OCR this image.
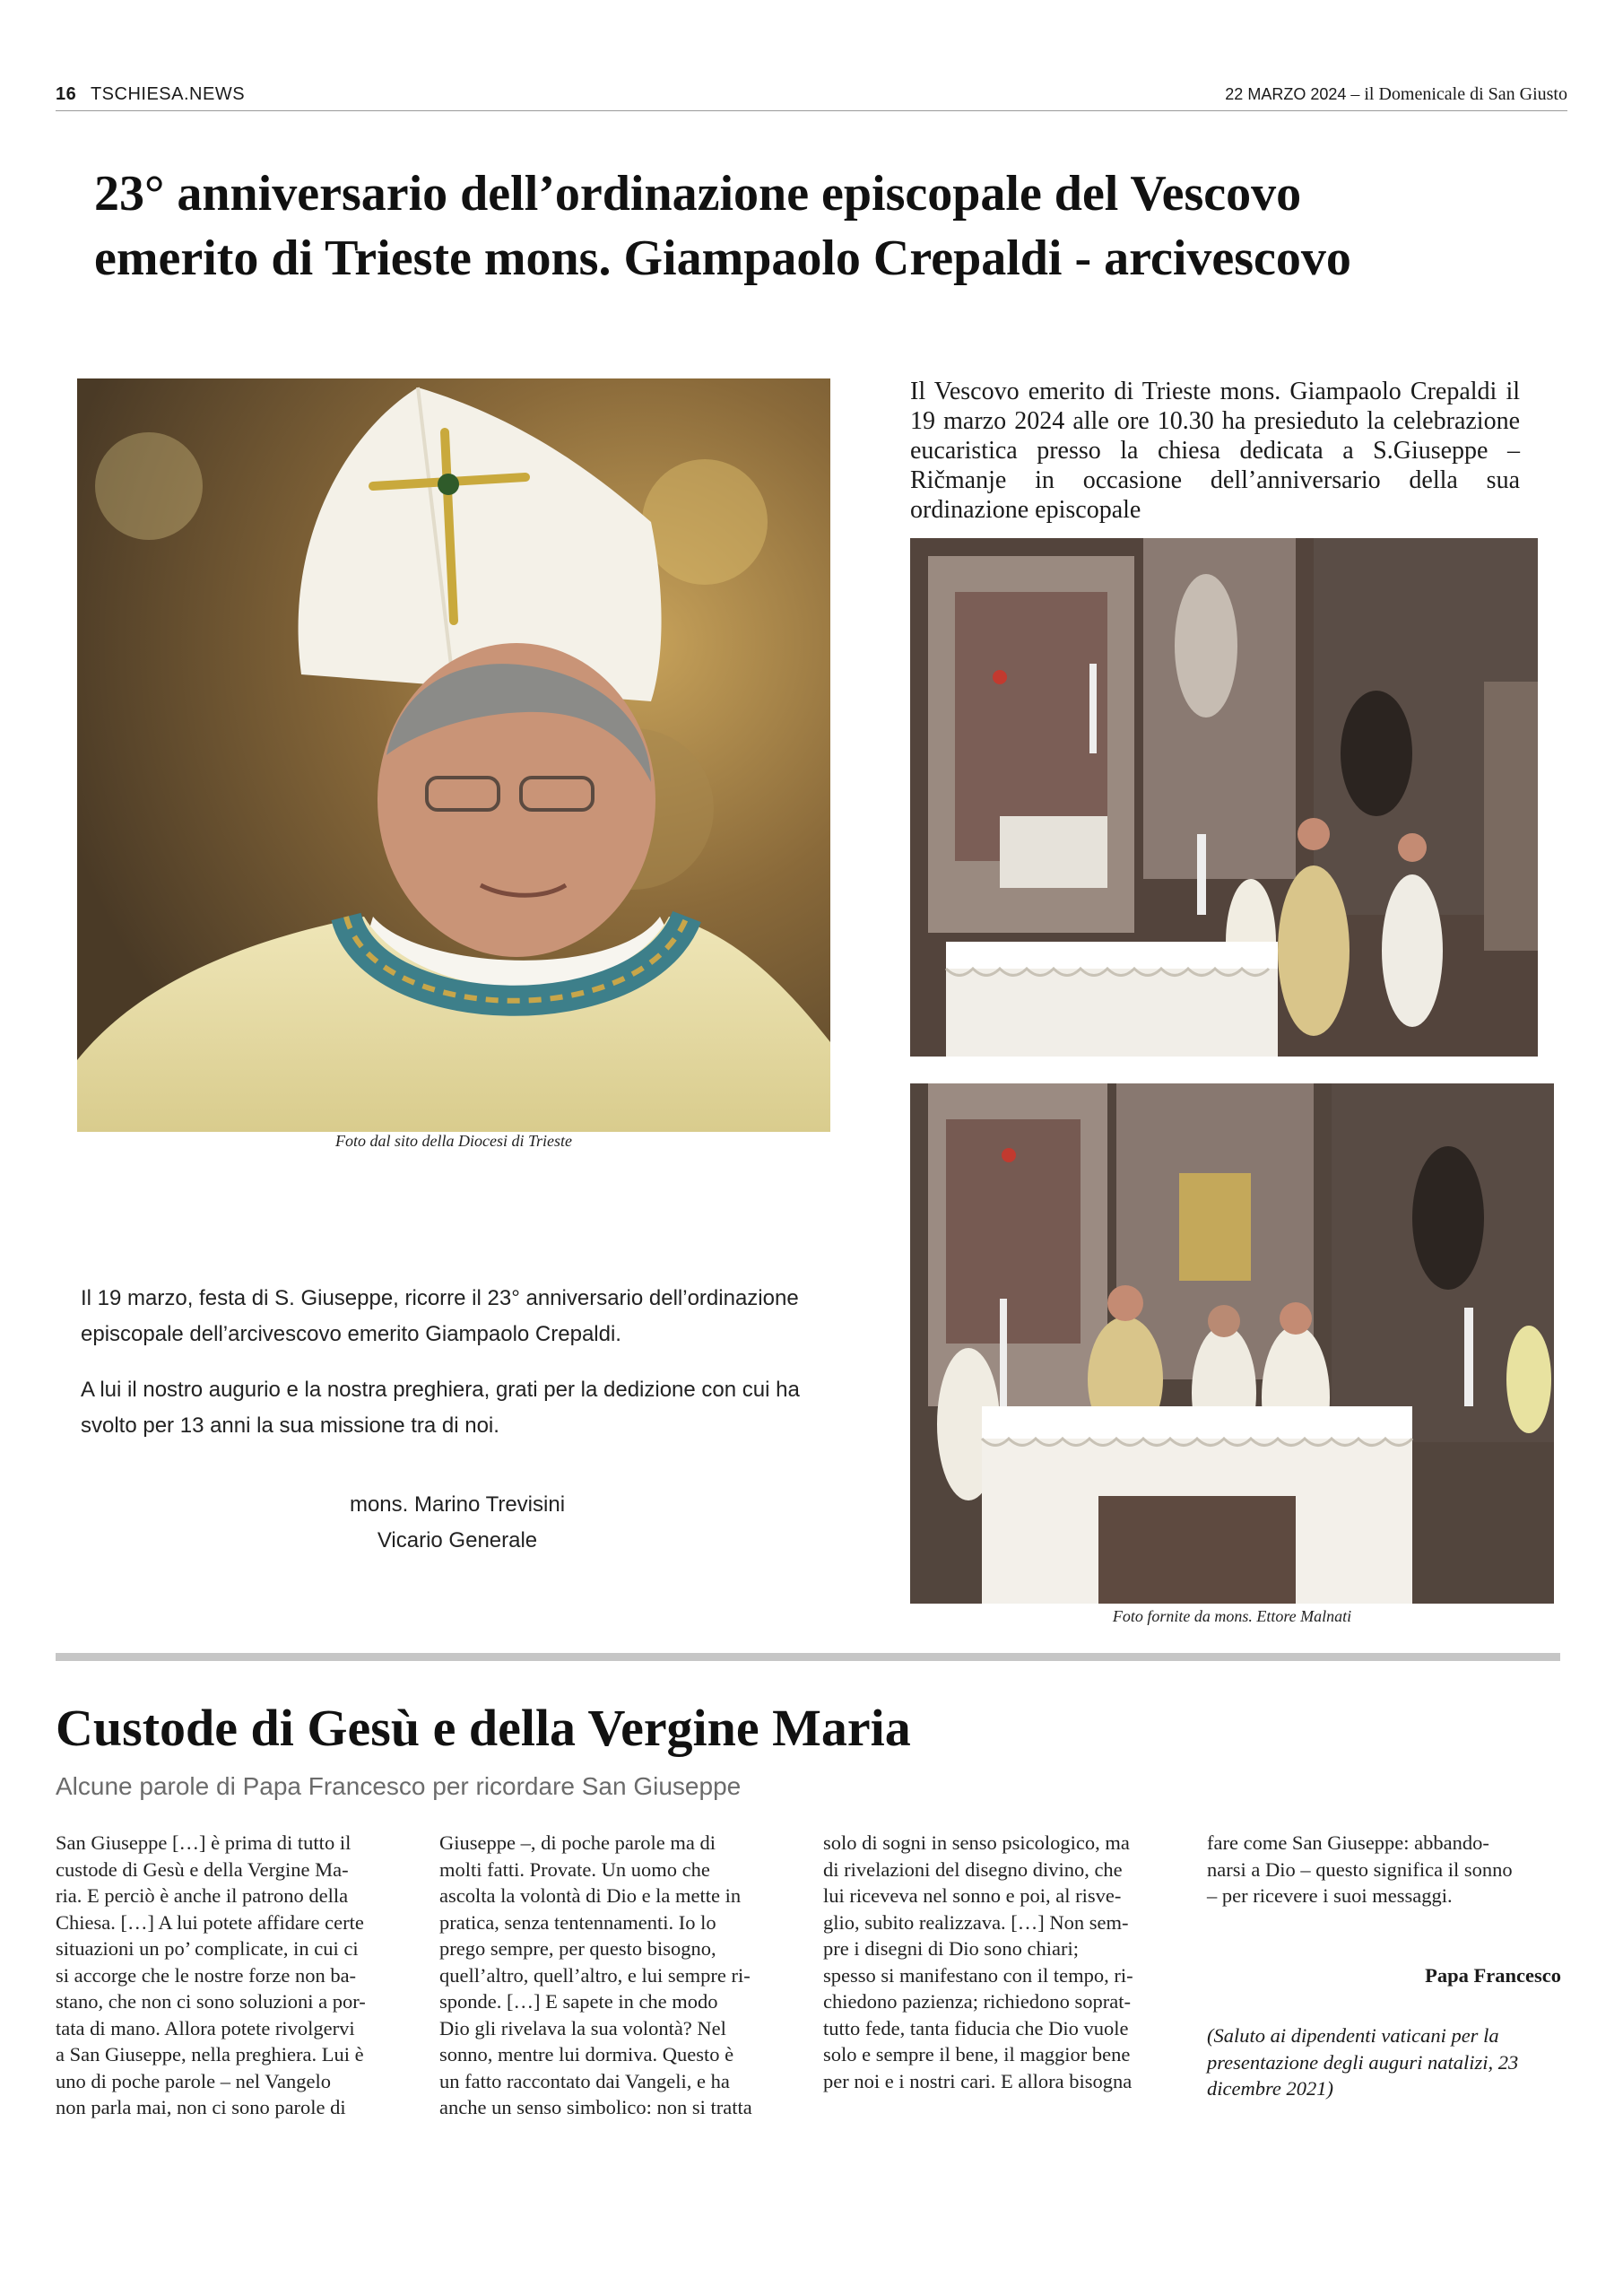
16 TSCHIESA.NEWS	22 MARZO 2024 – il Domenicale di San Giusto
23° anniversario dell’ordinazione episcopale del Vescovo
emerito di Trieste mons. Giampaolo Crepaldi - arcivescovo
Foto dal sito della Diocesi di Trieste
Il Vescovo emerito di Trieste mons. Giampaolo Crepaldi il 19 marzo 2024 alle ore 10.30 ha presieduto la celebrazione eucaristica presso la chiesa dedicata a S.Giuseppe – Ričmanje in occasione dell’anniversario della sua ordinazione episcopale
Foto fornite da mons. Ettore Malnati

Il 19 marzo, festa di S. Giuseppe, ricorre il 23° anniversario dell’ordinazione episcopale dell’arcivescovo emerito Giampaolo Crepaldi.

A lui il nostro augurio e la nostra preghiera, grati per la dedizione con cui ha svolto per 13 anni la sua missione tra di noi.

mons. Marino Trevisini
Vicario Generale
Custode di Gesù e della Vergine Maria
Alcune parole di Papa Francesco per ricordare San Giuseppe
San Giuseppe […] è prima di tutto il
custode di Gesù e della Vergine Ma-
ria. E perciò è anche il patrono della
Chiesa. […] A lui potete affidare certe
situazioni un po’ complicate, in cui ci
si accorge che le nostre forze non ba-
stano, che non ci sono soluzioni a por-
tata di mano. Allora potete rivolgervi
a San Giuseppe, nella preghiera. Lui è
uno di poche parole – nel Vangelo
non parla mai, non ci sono parole di
Giuseppe –, di poche parole ma di
molti fatti. Provate. Un uomo che
ascolta la volontà di Dio e la mette in
pratica, senza tentennamenti. Io lo
prego sempre, per questo bisogno,
quell’altro, quell’altro, e lui sempre ri-
sponde. […] E sapete in che modo
Dio gli rivelava la sua volontà? Nel
sonno, mentre lui dormiva. Questo è
un fatto raccontato dai Vangeli, e ha
anche un senso simbolico: non si tratta
solo di sogni in senso psicologico, ma
di rivelazioni del disegno divino, che
lui riceveva nel sonno e poi, al risve-
glio, subito realizzava. […] Non sem-
pre i disegni di Dio sono chiari;
spesso si manifestano con il tempo, ri-
chiedono pazienza; richiedono soprat-
tutto fede, tanta fiducia che Dio vuole
solo e sempre il bene, il maggior bene
per noi e i nostri cari. E allora bisogna
fare come San Giuseppe: abbando-
narsi a Dio – questo significa il sonno
– per ricevere i suoi messaggi.
Papa Francesco
(Saluto ai dipendenti vaticani per la presentazione degli auguri natalizi, 23 dicembre 2021)
